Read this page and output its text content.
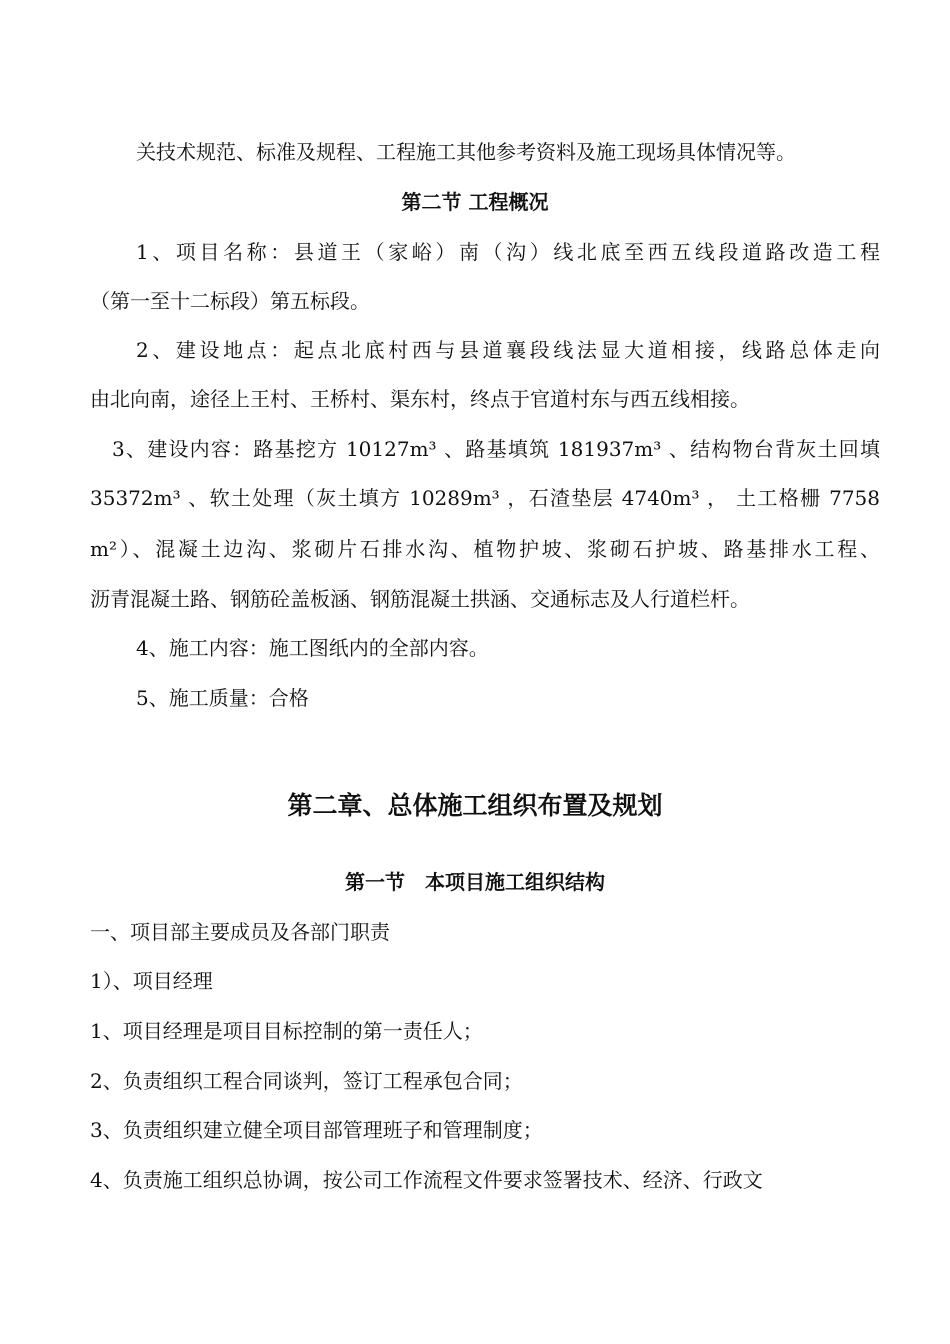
关技术规范、标准及规程、工程施工其他参考资料及施工现场具体情况等。
第二节 工程概况
1、项目名称：县道王（家峪）南（沟）线北底至西五线段道路改造工程
（第一至十二标段）第五标段。
2、建设地点：起点北底村西与县道襄段线法显大道相接，线路总体走向
由北向南，途径上王村、王桥村、渠东村，终点于官道村东与西五线相接。
3、建设内容：路基挖方 10127m³ 、路基填筑 181937m³ 、结构物台背灰土回填
35372m³ 、软土处理（灰土填方 10289m³ ，石渣垫层 4740m³ ， 土工格栅 7758
m²）、混凝土边沟、浆砌片石排水沟、植物护坡、浆砌石护坡、路基排水工程、
沥青混凝土路、钢筋砼盖板涵、钢筋混凝土拱涵、交通标志及人行道栏杆。
4、施工内容：施工图纸内的全部内容。
5、施工质量：合格
第二章、总体施工组织布置及规划
第一节　本项目施工组织结构
一、项目部主要成员及各部门职责
1）、项目经理
1、项目经理是项目目标控制的第一责任人；
2、负责组织工程合同谈判，签订工程承包合同；
3、负责组织建立健全项目部管理班子和管理制度；
4、负责施工组织总协调，按公司工作流程文件要求签署技术、经济、行政文
